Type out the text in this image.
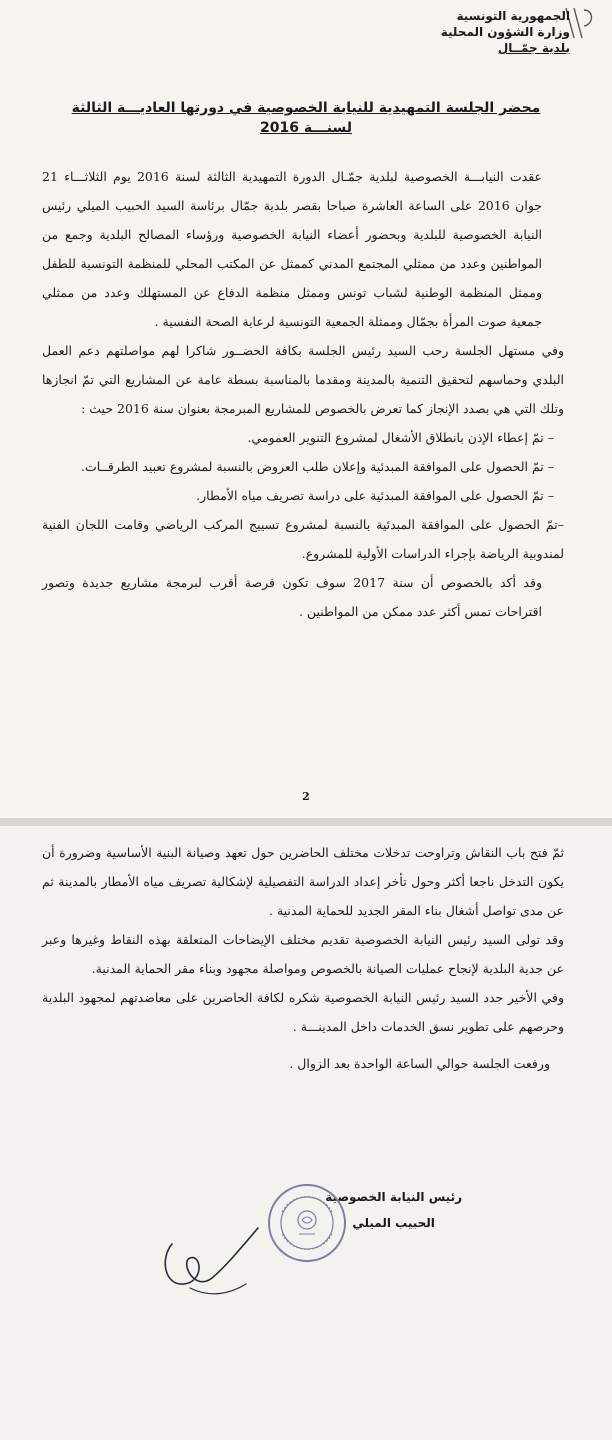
الجمهورية التونسية
وزارة الشؤون المحلية
بلدية جمّــال
محضر الجلسة التمهيدية للنيابة الخصوصية في دورتها العاديـــة الثالثة
لسنـــة 2016

عقدت النيابـــة الخصوصية لبلدية جمّـال الدورة التمهيدية الثالثة لسنة 2016 يوم الثلاثـــاء 21 جوان 2016 على الساعة العاشرة صباحا بقصر بلدية جمّال برئاسة السيد الحبيب الميلي رئيس النيابة الخصوصية للبلدية وبحضور أعضاء النيابة الخصوصية ورؤساء المصالح البلدية وجمع من المواطنين وعدد من ممثلي المجتمع المدني كممثل عن المكتب المحلي للمنظمة التونسية للطفل وممثل المنظمة الوطنية لشباب تونس وممثل منظمة الدفاع عن المستهلك وعدد من ممثلي جمعية صوت المرأة بجمّال وممثلة الجمعية التونسية لرعاية الصحة النفسية .

وفي مستهل الجلسة رحب السيد رئيس الجلسة بكافة الحضــور شاكرا لهم مواصلتهم دعم العمل البلدي وحماسهم لتحقيق التنمية بالمدينة ومقدما بالمناسبة بسطة عامة عن المشاريع التي تمّ انجازها وتلك التي هي بصدد الإنجاز كما تعرض بالخصوص للمشاريع المبرمجة بعنوان سنة 2016 حيث :

– تمّ إعطاء الإذن بانطلاق الأشغال لمشروع التنوير العمومي.

– تمّ الحصول على الموافقة المبدئية وإعلان طلب العروض بالنسبة لمشروع تعبيد الطرقــات.

– تمّ الحصول على الموافقة المبدئية على دراسة تصريف مياه الأمطار.

–تمّ الحصول على الموافقة المبدئية بالنسبة لمشروع تسييج المركب الرياضي وقامت اللجان الفنية لمندوبية الرياضة بإجراء الدراسات الأولية للمشروع.

وقد أكد بالخصوص أن سنة 2017 سوف تكون فرصة أقرب لبرمجة مشاريع جديدة وتصور اقتراحات تمس أكثر عدد ممكن من المواطنين .

2

ثمّ فتح باب النقاش وتراوحت تدخلات مختلف الحاضرين حول تعهد وصيانة البنية الأساسية وضرورة أن يكون التدخل ناجعا أكثر وحول تأخر إعداد الدراسة التفصيلية لإشكالية تصريف مياه الأمطار بالمدينة ثم عن مدى تواصل أشغال بناء المقر الجديد للحماية المدنية .

وقد تولى السيد رئيس النيابة الخصوصية تقديم مختلف الإيضاحات المتعلقة بهذه النقاط وغيرها وعبر عن جدية البلدية لإنجاح عمليات الصيانة بالخصوص ومواصلة مجهود وبناء مقر الحماية المدنية.

وفي الأخير جدد السيد رئيس النيابة الخصوصية شكره لكافة الحاضرين على معاضدتهم لمجهود البلدية وحرصهم على تطوير نسق الخدمات داخل المدينـــة .

ورفعت الجلسة حوالي الساعة الواحدة بعد الزوال .
رئيس النيابة الخصوصية
الحبيب الميلي
